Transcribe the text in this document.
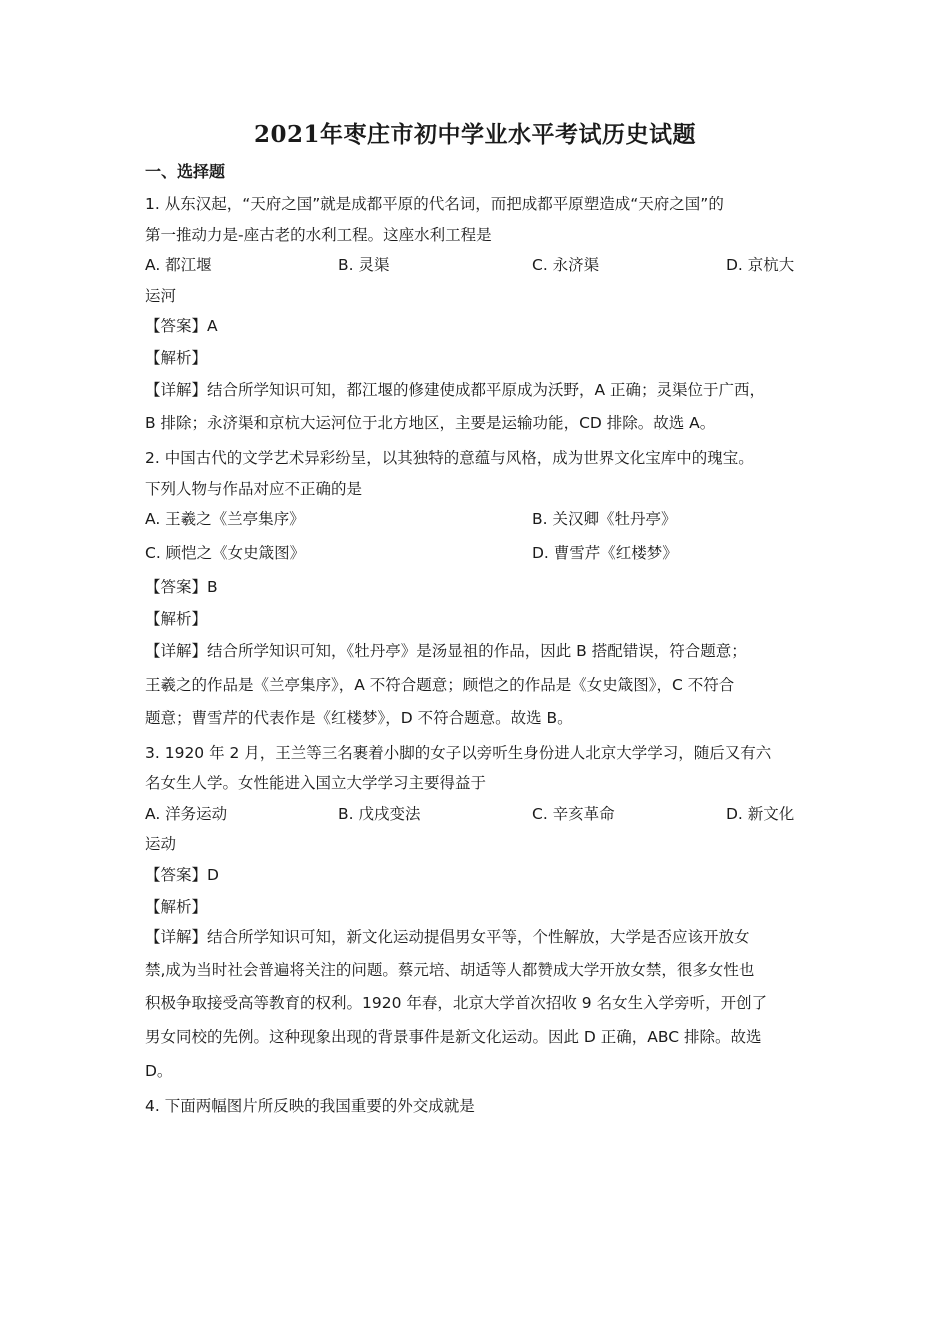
2021年枣庄市初中学业水平考试历史试题
一、选择题
1. 从东汉起，“天府之国”就是成都平原的代名词，而把成都平原塑造成“天府之国”的
第一推动力是-座古老的水利工程。这座水利工程是
A. 都江堰	B. 灵渠	C. 永济渠	D. 京杭大
运河
【答案】A
【解析】
【详解】结合所学知识可知，都江堰的修建使成都平原成为沃野，A 正确；灵渠位于广西，
B 排除；永济渠和京杭大运河位于北方地区，主要是运输功能，CD 排除。故选 A。
2. 中国古代的文学艺术异彩纷呈，以其独特的意蕴与风格，成为世界文化宝库中的瑰宝。
下列人物与作品对应不正确的是
A. 王羲之《兰亭集序》	B. 关汉卿《牡丹亭》
C. 顾恺之《女史箴图》	D. 曹雪芹《红楼梦》
【答案】B
【解析】
【详解】结合所学知识可知，《牡丹亭》是汤显祖的作品，因此 B 搭配错误，符合题意；
王羲之的作品是《兰亭集序》，A 不符合题意；顾恺之的作品是《女史箴图》，C 不符合
题意；曹雪芹的代表作是《红楼梦》，D 不符合题意。故选 B。
3. 1920 年 2 月，王兰等三名裹着小脚的女子以旁听生身份进人北京大学学习，随后又有六
名女生人学。女性能进入国立大学学习主要得益于
A. 洋务运动	B. 戊戌变法	C. 辛亥革命	D. 新文化
运动
【答案】D
【解析】
【详解】结合所学知识可知，新文化运动提倡男女平等，个性解放，大学是否应该开放女
禁,成为当时社会普遍将关注的问题。蔡元培、胡适等人都赞成大学开放女禁，很多女性也
积极争取接受高等教育的权利。1920 年春，北京大学首次招收 9 名女生入学旁听，开创了
男女同校的先例。这种现象出现的背景事件是新文化运动。因此 D 正确，ABC 排除。故选
D。
4. 下面两幅图片所反映的我国重要的外交成就是
